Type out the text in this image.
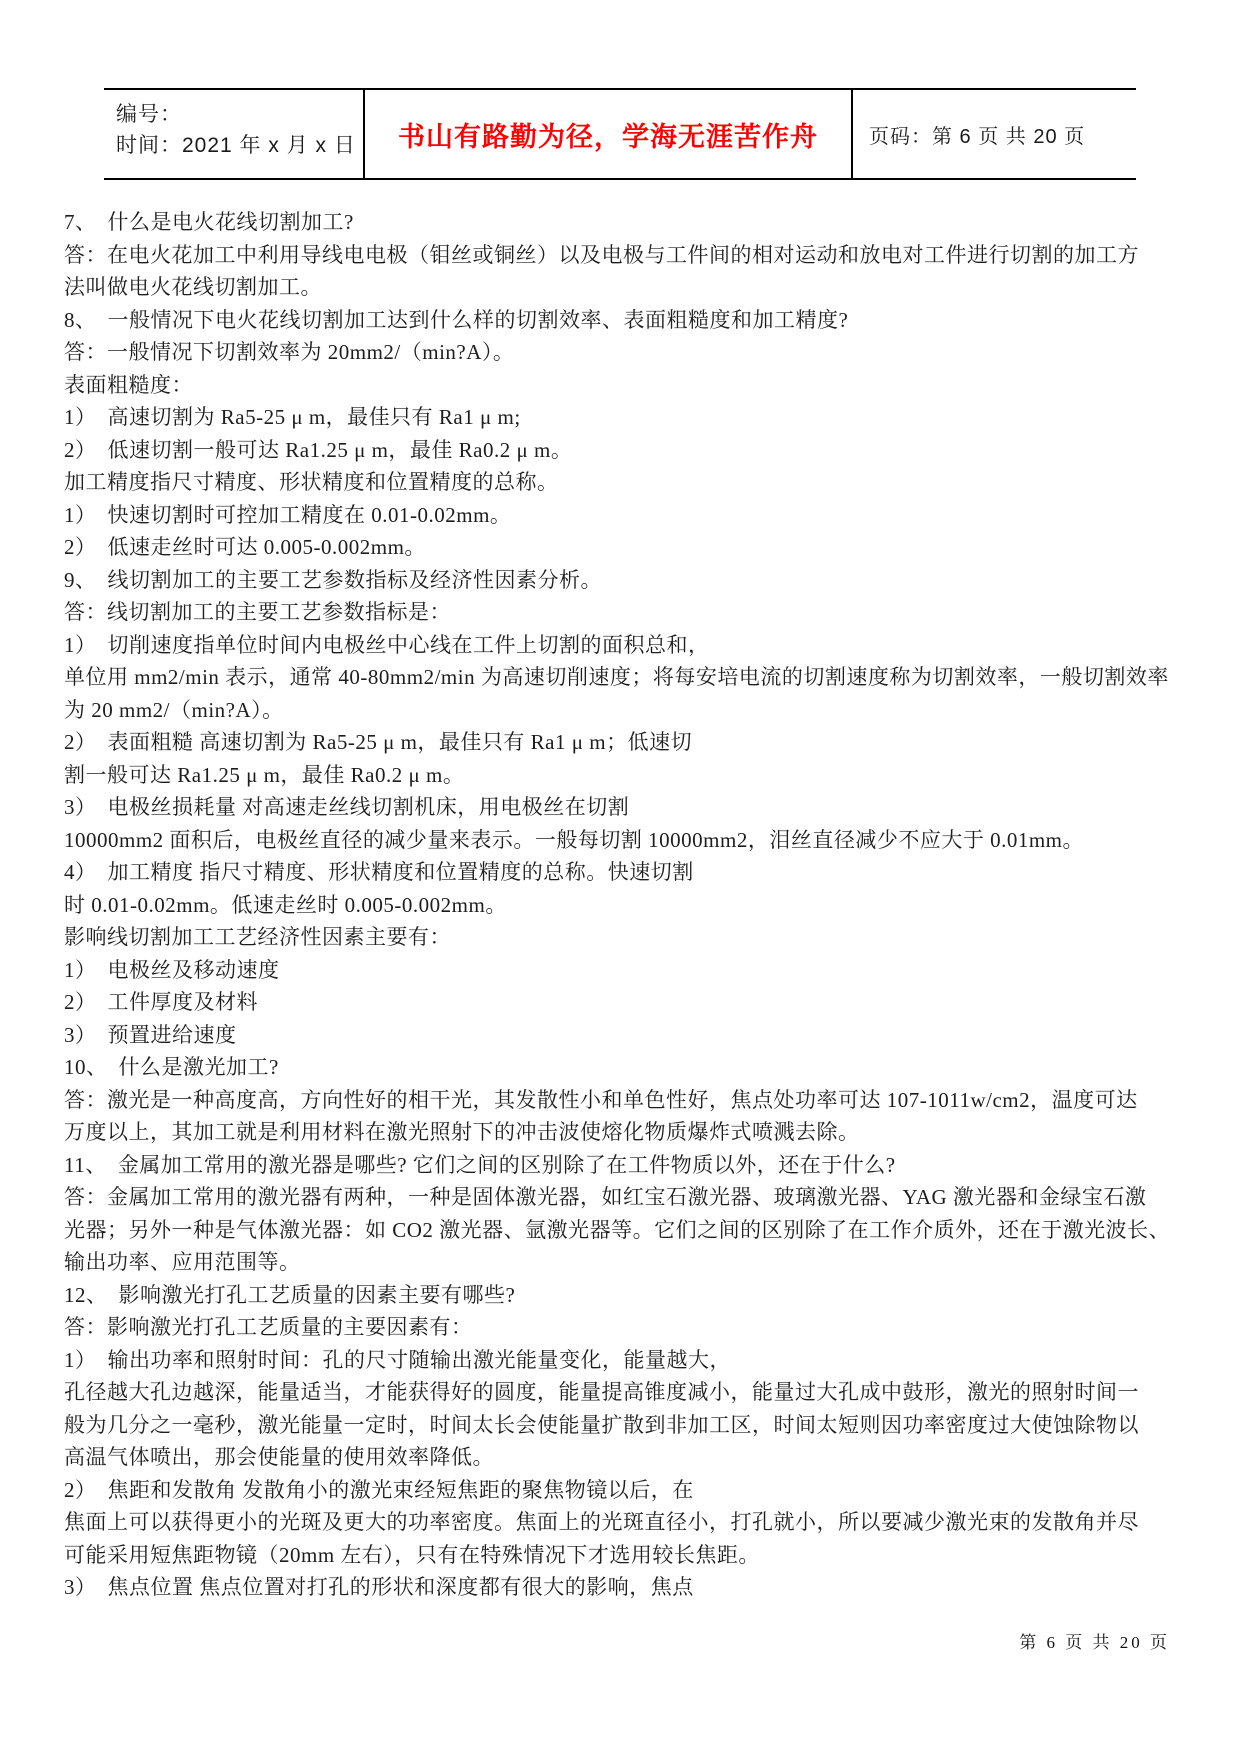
编号：
时间：2021 年 x 月 x 日 书山有路勤为径，学海无涯苦作舟	页码：第 6 页 共 20 页
7、　什么是电火花线切割加工?
答：在电火花加工中利用导线电电极（钼丝或铜丝）以及电极与工件间的相对运动和放电对工件进行切割的加工方
法叫做电火花线切割加工。
8、　一般情况下电火花线切割加工达到什么样的切割效率、表面粗糙度和加工精度?
答：一般情况下切割效率为 20mm2/（min?A）。
表面粗糙度：
1）　高速切割为 Ra5-25 μ m，最佳只有 Ra1 μ m;
2）　低速切割一般可达 Ra1.25 μ m，最佳 Ra0.2 μ m。
加工精度指尺寸精度、形状精度和位置精度的总称。
1）　快速切割时可控加工精度在 0.01-0.02mm。
2）　低速走丝时可达 0.005-0.002mm。
9、　线切割加工的主要工艺参数指标及经济性因素分析。
答：线切割加工的主要工艺参数指标是：
1）　切削速度指单位时间内电极丝中心线在工件上切割的面积总和，
单位用 mm2/min 表示，通常 40-80mm2/min 为高速切削速度；将每安培电流的切割速度称为切割效率，一般切割效率
为 20 mm2/（min?A）。
2）　表面粗糙 高速切割为 Ra5-25 μ m，最佳只有 Ra1 μ m；低速切
割一般可达 Ra1.25 μ m，最佳 Ra0.2 μ m。
3）　电极丝损耗量 对高速走丝线切割机床，用电极丝在切割
10000mm2 面积后，电极丝直径的减少量来表示。一般每切割 10000mm2，泪丝直径减少不应大于 0.01mm。
4）　加工精度 指尺寸精度、形状精度和位置精度的总称。快速切割
时 0.01-0.02mm。低速走丝时 0.005-0.002mm。
影响线切割加工工艺经济性因素主要有：
1）　电极丝及移动速度
2）　工件厚度及材料
3）　预置进给速度
10、　什么是激光加工?
答：激光是一种高度高，方向性好的相干光，其发散性小和单色性好，焦点处功率可达 107-1011w/cm2，温度可达
万度以上，其加工就是利用材料在激光照射下的冲击波使熔化物质爆炸式喷溅去除。
11、　金属加工常用的激光器是哪些? 它们之间的区别除了在工件物质以外，还在于什么?
答：金属加工常用的激光器有两种，一种是固体激光器，如红宝石激光器、玻璃激光器、YAG 激光器和金绿宝石激
光器；另外一种是气体激光器：如 CO2 激光器、氩激光器等。它们之间的区别除了在工作介质外，还在于激光波长、
输出功率、应用范围等。
12、　影响激光打孔工艺质量的因素主要有哪些?
答：影响激光打孔工艺质量的主要因素有：
1）　输出功率和照射时间：孔的尺寸随输出激光能量变化，能量越大，
孔径越大孔边越深，能量适当，才能获得好的圆度，能量提高锥度减小，能量过大孔成中鼓形，激光的照射时间一
般为几分之一毫秒，激光能量一定时，时间太长会使能量扩散到非加工区，时间太短则因功率密度过大使蚀除物以
高温气体喷出，那会使能量的使用效率降低。
2）　焦距和发散角 发散角小的激光束经短焦距的聚焦物镜以后，在
焦面上可以获得更小的光斑及更大的功率密度。焦面上的光斑直径小，打孔就小，所以要减少激光束的发散角并尽
可能采用短焦距物镜（20mm 左右），只有在特殊情况下才选用较长焦距。
3）　焦点位置 焦点位置对打孔的形状和深度都有很大的影响，焦点
第 6 页 共 20 页
